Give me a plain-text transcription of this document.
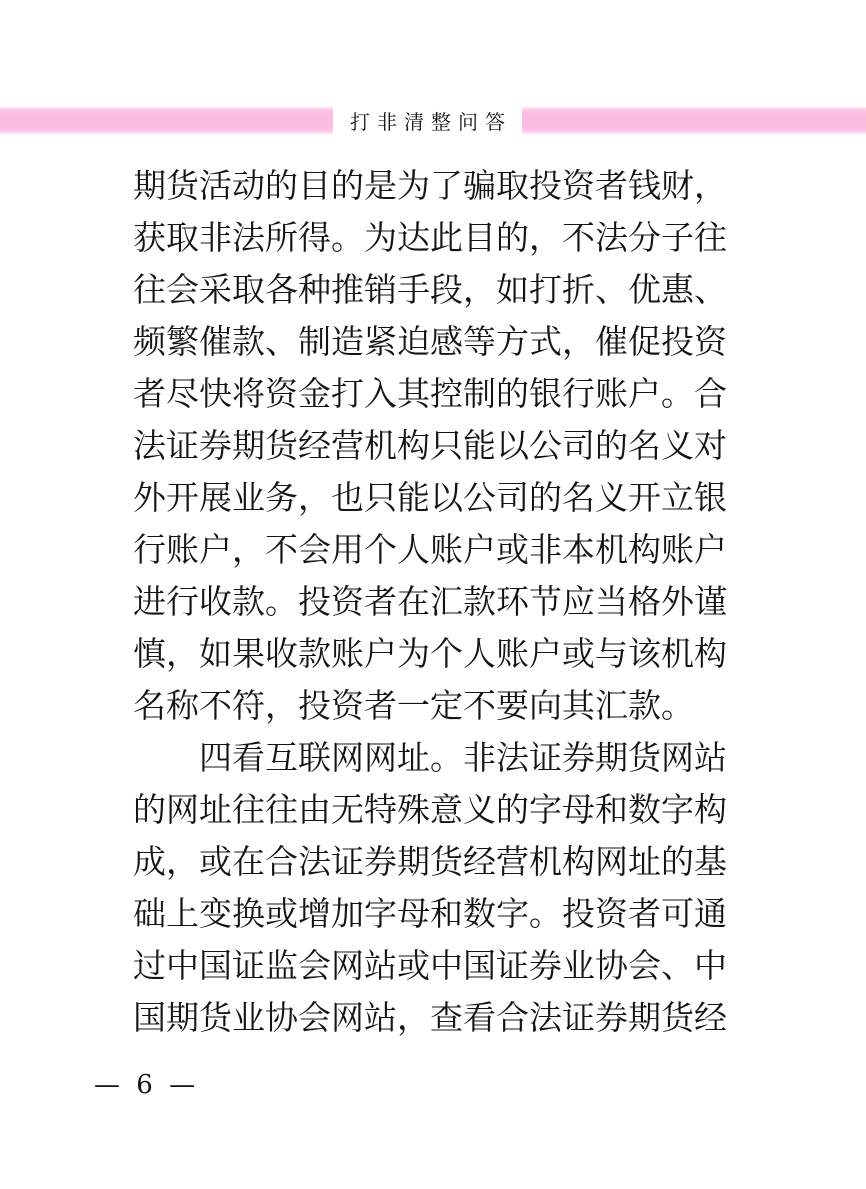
打非清整问答
期货活动的目的是为了骗取投资者钱财，
获取非法所得。为达此目的，不法分子往
往会采取各种推销手段，如打折、优惠、
频繁催款、制造紧迫感等方式，催促投资
者尽快将资金打入其控制的银行账户。合
法证券期货经营机构只能以公司的名义对
外开展业务，也只能以公司的名义开立银
行账户，不会用个人账户或非本机构账户
进行收款。投资者在汇款环节应当格外谨
慎，如果收款账户为个人账户或与该机构
名称不符，投资者一定不要向其汇款。
四看互联网网址。非法证券期货网站
的网址往往由无特殊意义的字母和数字构
成，或在合法证券期货经营机构网址的基
础上变换或增加字母和数字。投资者可通
过中国证监会网站或中国证券业协会、中
国期货业协会网站，查看合法证券期货经
— 6 —
